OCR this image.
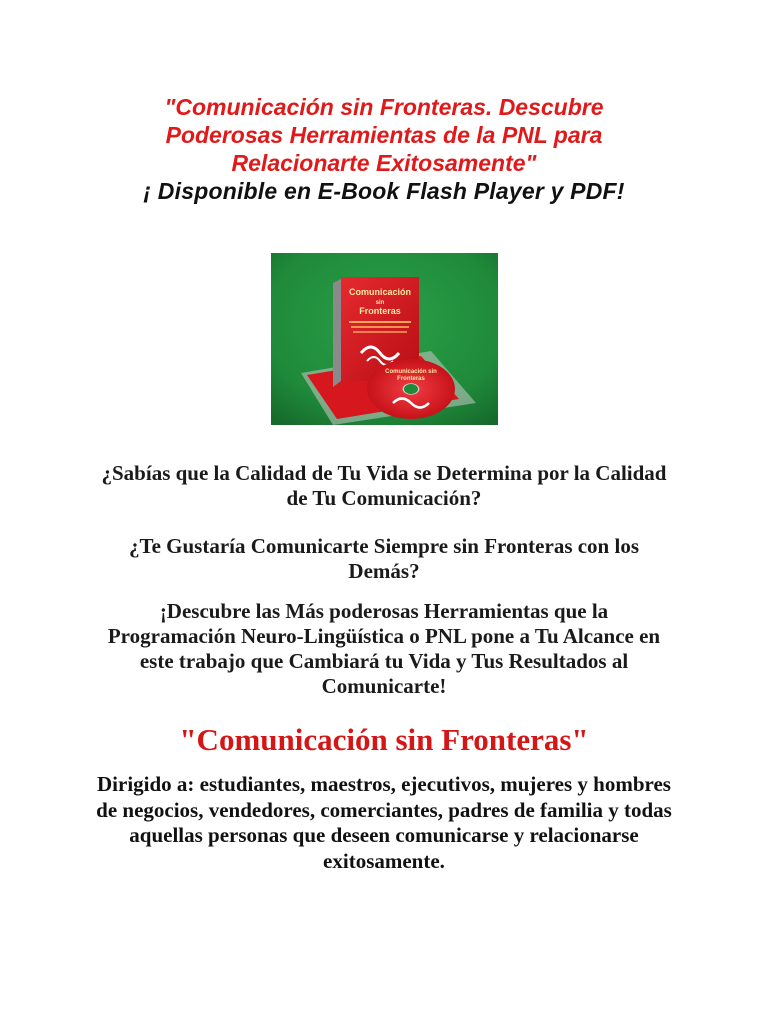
"Comunicación sin Fronteras. Descubre
Poderosas Herramientas de la PNL para
Relacionarte Exitosamente"
¡ Disponible en E-Book Flash Player y PDF!
Comunicación
sin
Fronteras
Comunicación sin
Fronteras

¿Sabías que la Calidad de Tu Vida se Determina por la Calidad de Tu Comunicación?

¿Te Gustaría Comunicarte Siempre sin Fronteras con los Demás?

¡Descubre las Más poderosas Herramientas que la Programación Neuro-Lingüística o PNL pone a Tu Alcance en este trabajo que Cambiará tu Vida y Tus Resultados al Comunicarte!

"Comunicación sin Fronteras"

Dirigido a: estudiantes, maestros, ejecutivos, mujeres y hombres de negocios, vendedores, comerciantes, padres de familia y todas aquellas personas que deseen comunicarse y relacionarse exitosamente.
